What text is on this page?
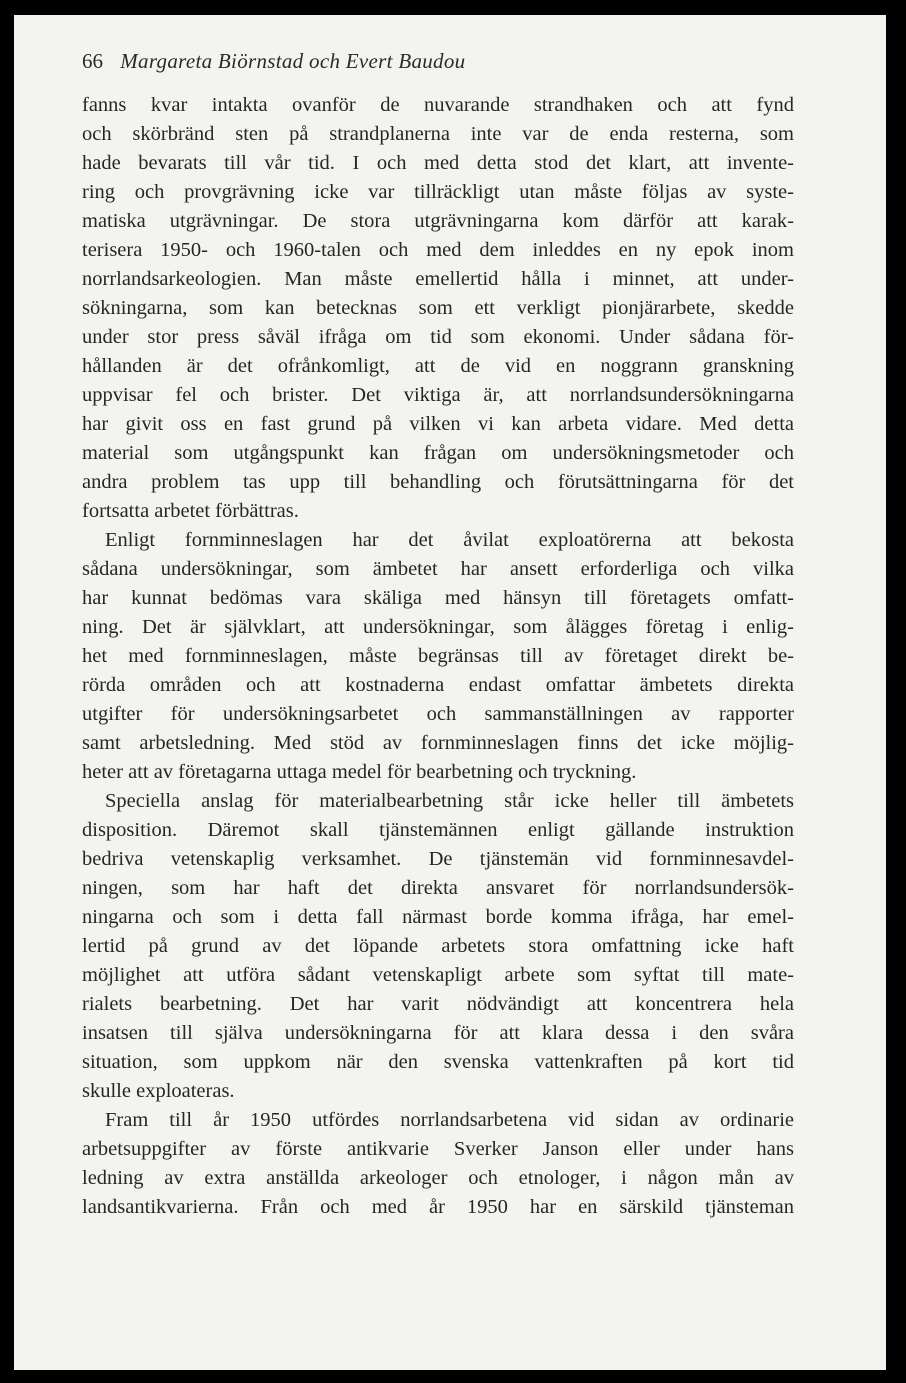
66 Margareta Biörnstad och Evert Baudou
fanns kvar intakta ovanför de nuvarande strandhaken och att fynd
och skörbränd sten på strandplanerna inte var de enda resterna, som
hade bevarats till vår tid. I och med detta stod det klart, att invente-
ring och provgrävning icke var tillräckligt utan måste följas av syste-
matiska utgrävningar. De stora utgrävningarna kom därför att karak-
terisera 1950- och 1960-talen och med dem inleddes en ny epok inom
norrlandsarkeologien. Man måste emellertid hålla i minnet, att under-
sökningarna, som kan betecknas som ett verkligt pionjärarbete, skedde
under stor press såväl ifråga om tid som ekonomi. Under sådana för-
hållanden är det ofrånkomligt, att de vid en noggrann granskning
uppvisar fel och brister. Det viktiga är, att norrlandsundersökningarna
har givit oss en fast grund på vilken vi kan arbeta vidare. Med detta
material som utgångspunkt kan frågan om undersökningsmetoder och
andra problem tas upp till behandling och förutsättningarna för det
fortsatta arbetet förbättras.
Enligt fornminneslagen har det åvilat exploatörerna att bekosta
sådana undersökningar, som ämbetet har ansett erforderliga och vilka
har kunnat bedömas vara skäliga med hänsyn till företagets omfatt-
ning. Det är självklart, att undersökningar, som ålägges företag i enlig-
het med fornminneslagen, måste begränsas till av företaget direkt be-
rörda områden och att kostnaderna endast omfattar ämbetets direkta
utgifter för undersökningsarbetet och sammanställningen av rapporter
samt arbetsledning. Med stöd av fornminneslagen finns det icke möjlig-
heter att av företagarna uttaga medel för bearbetning och tryckning.
Speciella anslag för materialbearbetning står icke heller till ämbetets
disposition. Däremot skall tjänstemännen enligt gällande instruktion
bedriva vetenskaplig verksamhet. De tjänstemän vid fornminnesavdel-
ningen, som har haft det direkta ansvaret för norrlandsundersök-
ningarna och som i detta fall närmast borde komma ifråga, har emel-
lertid på grund av det löpande arbetets stora omfattning icke haft
möjlighet att utföra sådant vetenskapligt arbete som syftat till mate-
rialets bearbetning. Det har varit nödvändigt att koncentrera hela
insatsen till själva undersökningarna för att klara dessa i den svåra
situation, som uppkom när den svenska vattenkraften på kort tid
skulle exploateras.
Fram till år 1950 utfördes norrlandsarbetena vid sidan av ordinarie
arbetsuppgifter av förste antikvarie Sverker Janson eller under hans
ledning av extra anställda arkeologer och etnologer, i någon mån av
landsantikvarierna. Från och med år 1950 har en särskild tjänsteman
